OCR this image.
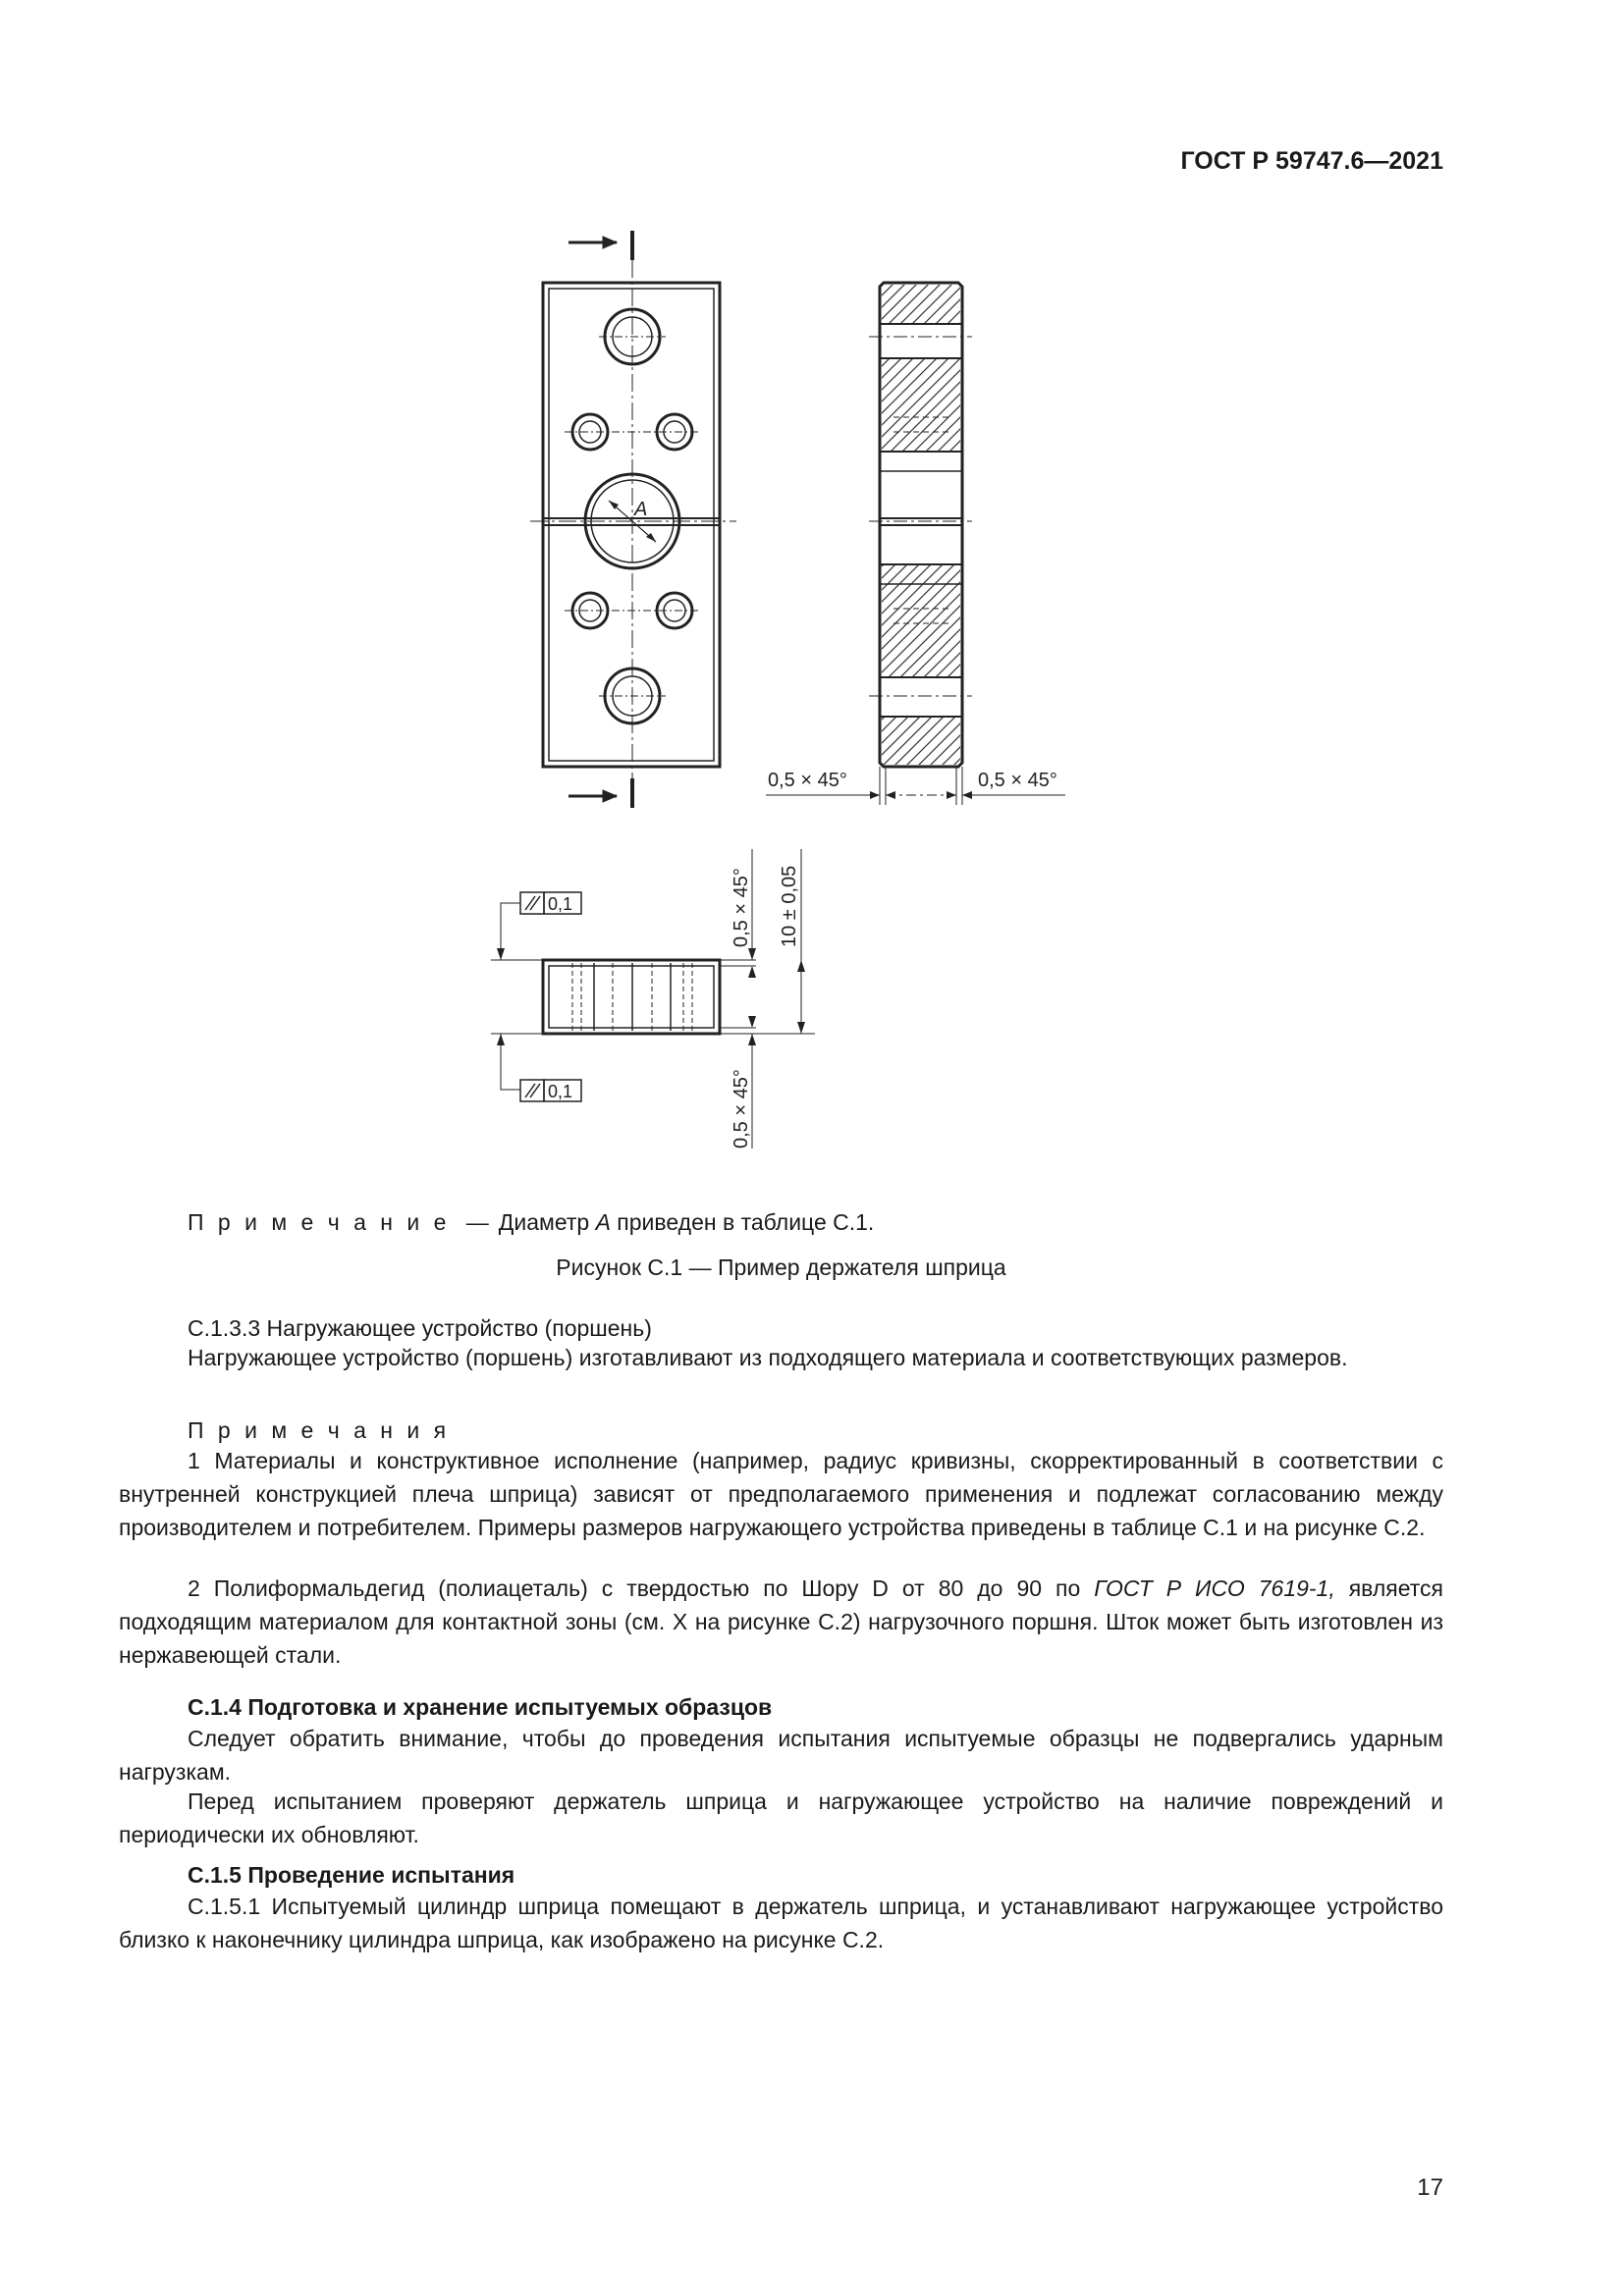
ГОСТ Р 59747.6—2021
A
0,5 × 45°	0,5 × 45°
0,1
0,1
0,5 × 45°
0,5 × 45°
10 ± 0,05
П р и м е ч а н и е — Диаметр A приведен в таблице C.1.
Рисунок C.1 — Пример держателя шприца
C.1.3.3 Нагружающее устройство (поршень)
Нагружающее устройство (поршень) изготавливают из подходящего материала и соответствующих размеров.
П р и м е ч а н и я
1 Материалы и конструктивное исполнение (например, радиус кривизны, скорректированный в соответствии с внутренней конструкцией плеча шприца) зависят от предполагаемого применения и подлежат согласованию между производителем и потребителем. Примеры размеров нагружающего устройства приведены в таблице C.1 и на рисунке C.2.
2 Полиформальдегид (полиацеталь) с твердостью по Шору D от 80 до 90 по ГОСТ Р ИСО 7619-1, является подходящим материалом для контактной зоны (см. X на рисунке C.2) нагрузочного поршня. Шток может быть изготовлен из нержавеющей стали.
C.1.4 Подготовка и хранение испытуемых образцов
Следует обратить внимание, чтобы до проведения испытания испытуемые образцы не подвергались ударным нагрузкам.
Перед испытанием проверяют держатель шприца и нагружающее устройство на наличие повреждений и периодически их обновляют.
C.1.5 Проведение испытания
C.1.5.1 Испытуемый цилиндр шприца помещают в держатель шприца, и устанавливают нагружающее устройство близко к наконечнику цилиндра шприца, как изображено на рисунке C.2.
17
